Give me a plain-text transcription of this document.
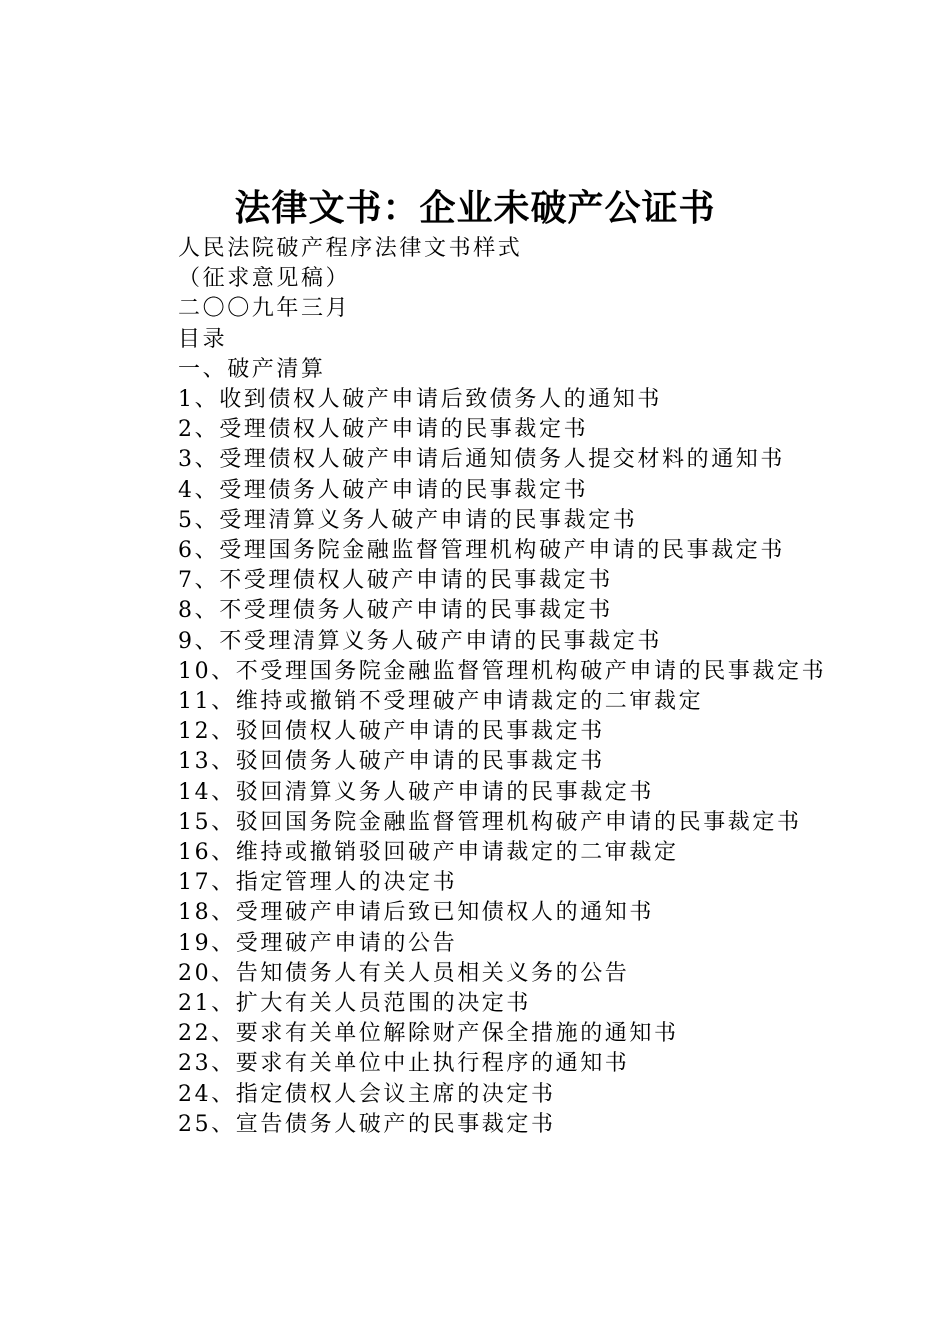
法律文书：企业未破产公证书

人民法院破产程序法律文书样式

（征求意见稿）

二〇〇九年三月

目录

一、破产清算

1、收到债权人破产申请后致债务人的通知书

2、受理债权人破产申请的民事裁定书

3、受理债权人破产申请后通知债务人提交材料的通知书

4、受理债务人破产申请的民事裁定书

5、受理清算义务人破产申请的民事裁定书

6、受理国务院金融监督管理机构破产申请的民事裁定书

7、不受理债权人破产申请的民事裁定书

8、不受理债务人破产申请的民事裁定书

9、不受理清算义务人破产申请的民事裁定书

10、不受理国务院金融监督管理机构破产申请的民事裁定书

11、维持或撤销不受理破产申请裁定的二审裁定

12、驳回债权人破产申请的民事裁定书

13、驳回债务人破产申请的民事裁定书

14、驳回清算义务人破产申请的民事裁定书

15、驳回国务院金融监督管理机构破产申请的民事裁定书

16、维持或撤销驳回破产申请裁定的二审裁定

17、指定管理人的决定书

18、受理破产申请后致已知债权人的通知书

19、受理破产申请的公告

20、告知债务人有关人员相关义务的公告

21、扩大有关人员范围的决定书

22、要求有关单位解除财产保全措施的通知书

23、要求有关单位中止执行程序的通知书

24、指定债权人会议主席的决定书

25、宣告债务人破产的民事裁定书
